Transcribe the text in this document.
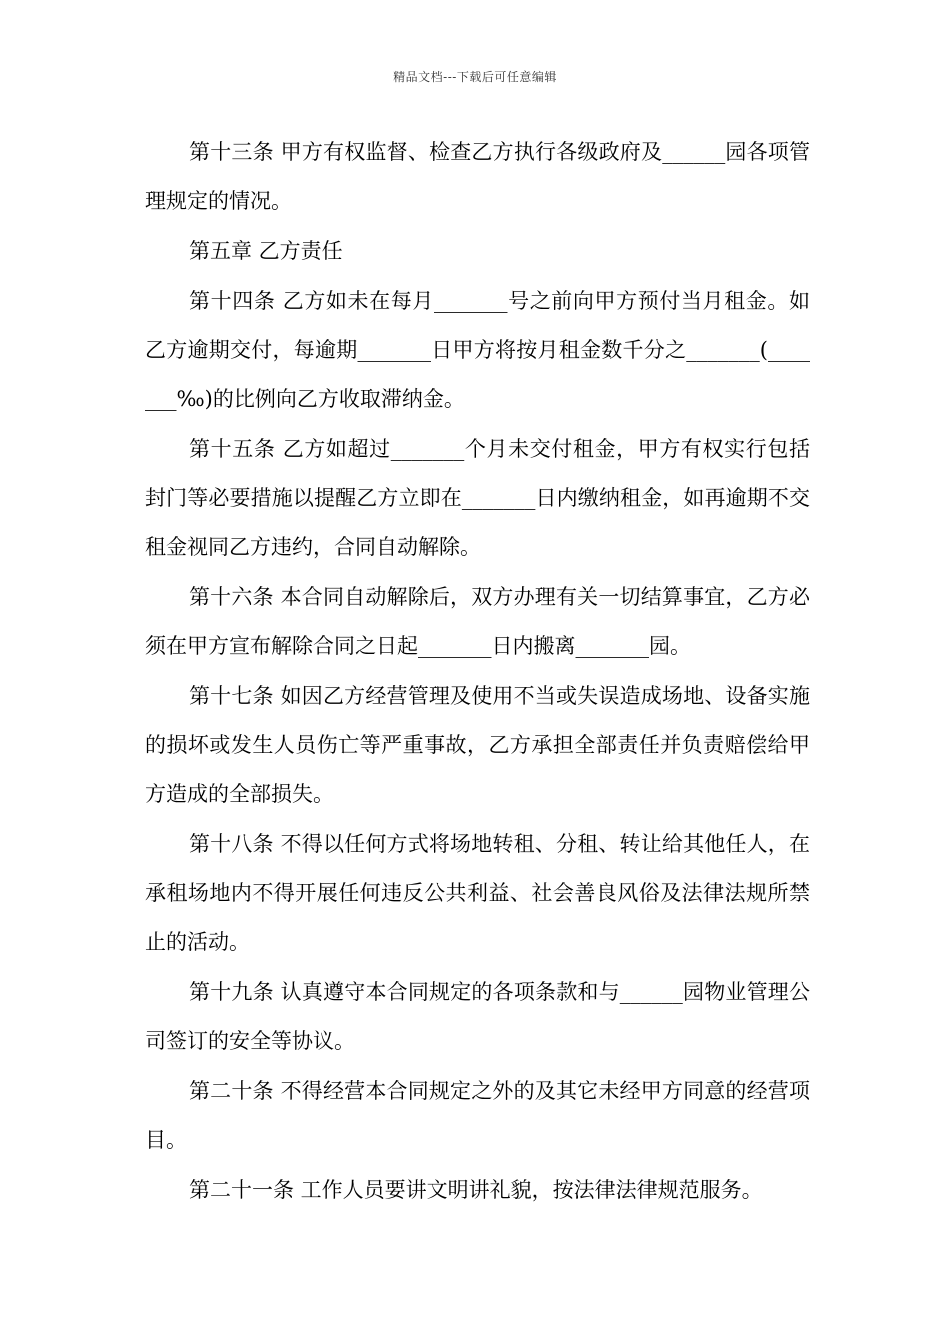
精品文档---下载后可任意编辑

第十三条 甲方有权监督、检查乙方执行各级政府及______园各项管理规定的情况。

第五章 乙方责任

第十四条 乙方如未在每月_______号之前向甲方预付当月租金。如乙方逾期交付，每逾期_______日甲方将按月租金数千分之_______(_______‰)的比例向乙方收取滞纳金。

第十五条 乙方如超过_______个月未交付租金，甲方有权实行包括封门等必要措施以提醒乙方立即在_______日内缴纳租金，如再逾期不交租金视同乙方违约，合同自动解除。

第十六条 本合同自动解除后，双方办理有关一切结算事宜，乙方必须在甲方宣布解除合同之日起_______日内搬离_______园。

第十七条 如因乙方经营管理及使用不当或失误造成场地、设备实施的损坏或发生人员伤亡等严重事故，乙方承担全部责任并负责赔偿给甲方造成的全部损失。

第十八条 不得以任何方式将场地转租、分租、转让给其他任人，在承租场地内不得开展任何违反公共利益、社会善良风俗及法律法规所禁止的活动。

第十九条 认真遵守本合同规定的各项条款和与______园物业管理公司签订的安全等协议。

第二十条 不得经营本合同规定之外的及其它未经甲方同意的经营项目。

第二十一条 工作人员要讲文明讲礼貌，按法律法律规范服务。
